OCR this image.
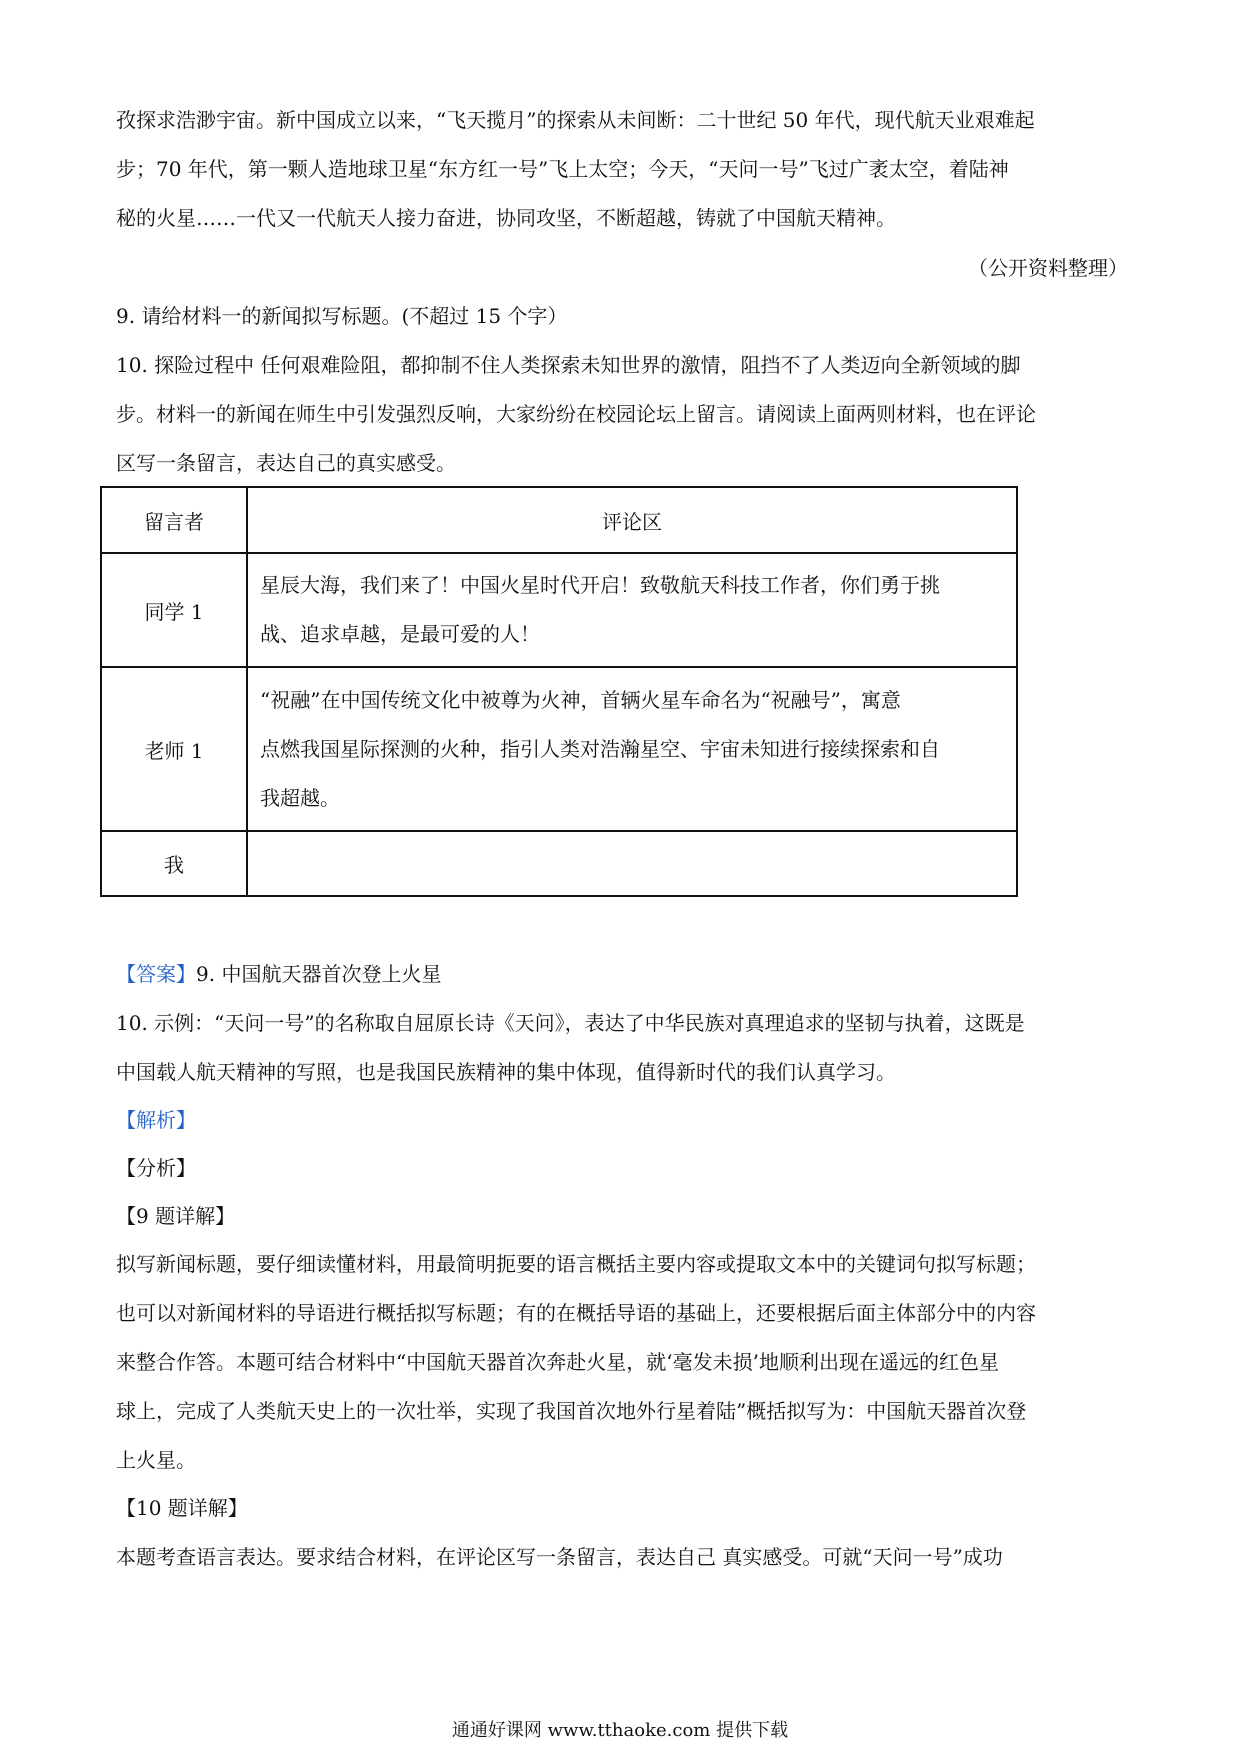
孜探求浩渺宇宙。新中国成立以来，“飞天揽月”的探索从未间断：二十世纪 50 年代，现代航天业艰难起
步；70 年代，第一颗人造地球卫星“东方红一号”飞上太空；今天，“天问一号”飞过广袤太空，着陆神
秘的火星……一代又一代航天人接力奋进，协同攻坚，不断超越，铸就了中国航天精神。
（公开资料整理）
9. 请给材料一的新闻拟写标题。(不超过 15 个字）
10. 探险过程中 任何艰难险阻，都抑制不住人类探索未知世界的激情，阻挡不了人类迈向全新领域的脚
步。材料一的新闻在师生中引发强烈反响，大家纷纷在校园论坛上留言。请阅读上面两则材料，也在评论
区写一条留言，表达自己的真实感受。
留言者	评论区
同学 1	星辰大海，我们来了！中国火星时代开启！致敬航天科技工作者，你们勇于挑
战、追求卓越，是最可爱的人！

老师 1	“祝融”在中国传统文化中被尊为火神，首辆火星车命名为“祝融号”，寓意
点燃我国星际探测的火种，指引人类对浩瀚星空、宇宙未知进行接续探索和自
我超越。

我	
【答案】9. 中国航天器首次登上火星
10. 示例：“天问一号”的名称取自屈原长诗《天问》，表达了中华民族对真理追求的坚韧与执着，这既是
中国载人航天精神的写照，也是我国民族精神的集中体现，值得新时代的我们认真学习。
【解析】
【分析】
【9 题详解】
拟写新闻标题，要仔细读懂材料，用最简明扼要的语言概括主要内容或提取文本中的关键词句拟写标题；
也可以对新闻材料的导语进行概括拟写标题；有的在概括导语的基础上，还要根据后面主体部分中的内容
来整合作答。本题可结合材料中“中国航天器首次奔赴火星，就‘毫发未损’地顺利出现在遥远的红色星
球上，完成了人类航天史上的一次壮举，实现了我国首次地外行星着陆”概括拟写为：中国航天器首次登
上火星。
【10 题详解】
本题考查语言表达。要求结合材料，在评论区写一条留言，表达自己 真实感受。可就“天问一号”成功
通通好课网 www.tthaoke.com 提供下载
